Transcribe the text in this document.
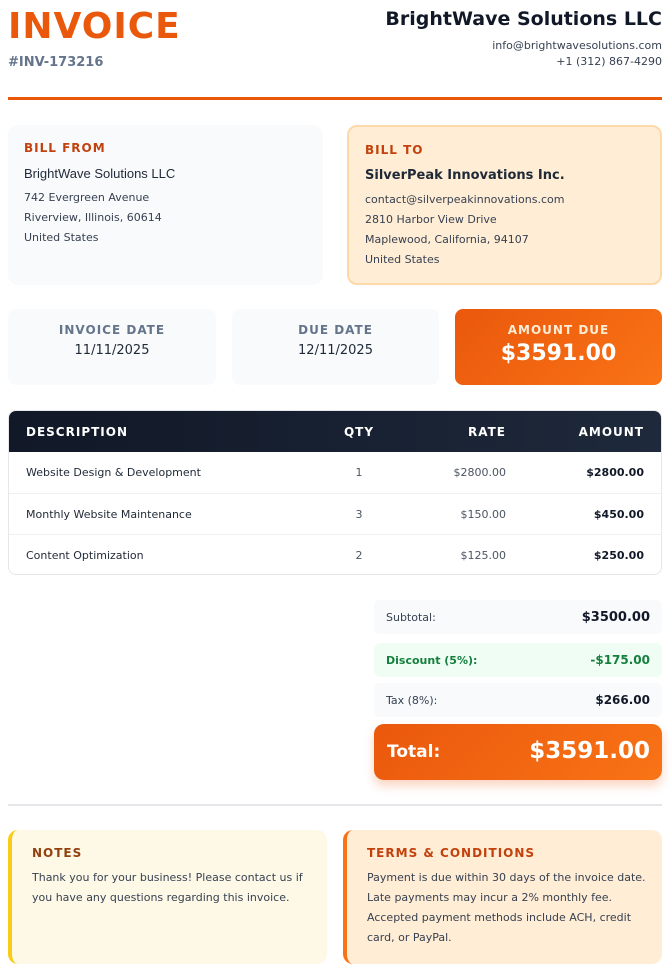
INVOICE
#INV-173216
BrightWave Solutions LLC
info@brightwavesolutions.com
+1 (312) 867-4290
BILL FROM
BrightWave Solutions LLC
742 Evergreen Avenue
Riverview, Illinois, 60614
United States
BILL TO
SilverPeak Innovations Inc.
contact@silverpeakinnovations.com
2810 Harbor View Drive
Maplewood, California, 94107
United States
INVOICE DATE
11/11/2025
DUE DATE
12/11/2025
AMOUNT DUE
$3591.00
DESCRIPTION	QTY	RATE	AMOUNT
Website Design & Development	1	$2800.00	$2800.00
Monthly Website Maintenance	3	$150.00	$450.00
Content Optimization	2	$125.00	$250.00
Subtotal:	$3500.00
Discount (5%):	-$175.00
Tax (8%):	$266.00
Total:	$3591.00
NOTES
Thank you for your business! Please contact us if you have any questions regarding this invoice.
TERMS & CONDITIONS
Payment is due within 30 days of the invoice date. Late payments may incur a 2% monthly fee. Accepted payment methods include ACH, credit card, or PayPal.
